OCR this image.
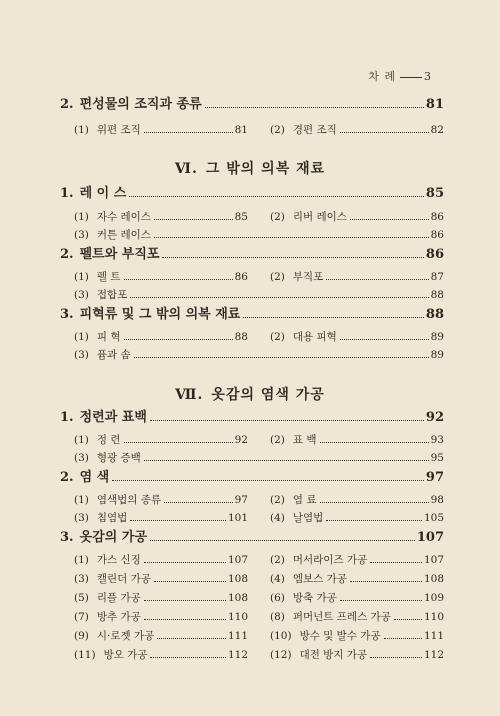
차 례	3
2. 편성물의 조직과 종류	81
(1) 위편 조직	81 (2) 경편 조직	82
Ⅵ. 그 밖의 의복 재료
1. 레 이 스	85
(1) 자수 레이스	85 (2) 리버 레이스	86
(3) 커튼 레이스	86
2. 펠트와 부직포	86
(1) 펠 트	86 (2) 부직포	87
(3) 접합포	88
3. 피혁류 및 그 밖의 의복 재료	88
(1) 피 혁	88 (2) 대용 피혁	89
(3) 퓸과 솜	89
Ⅶ. 옷감의 염색 가공
1. 정련과 표백	92
(1) 정 련	92 (2) 표 백	93
(3) 형광 증백	95
2. 염 색	97
(1) 염색법의 종류	97 (2) 염 료	98
(3) 침염법	101 (4) 날염법	105
3. 옷감의 가공	107
(1) 가스 신징	107 (2) 머서라이즈 가공	107
(3) 캘린더 가공	108 (4) 엠보스 가공	108
(5) 리플 가공	108 (6) 방축 가공	109
(7) 방추 가공	110 (8) 퍼머넌트 프레스 가공	110
(9) 시·로젯 가공	111 (10) 방수 및 발수 가공	111
(11) 방오 가공	112 (12) 대전 방지 가공	112
